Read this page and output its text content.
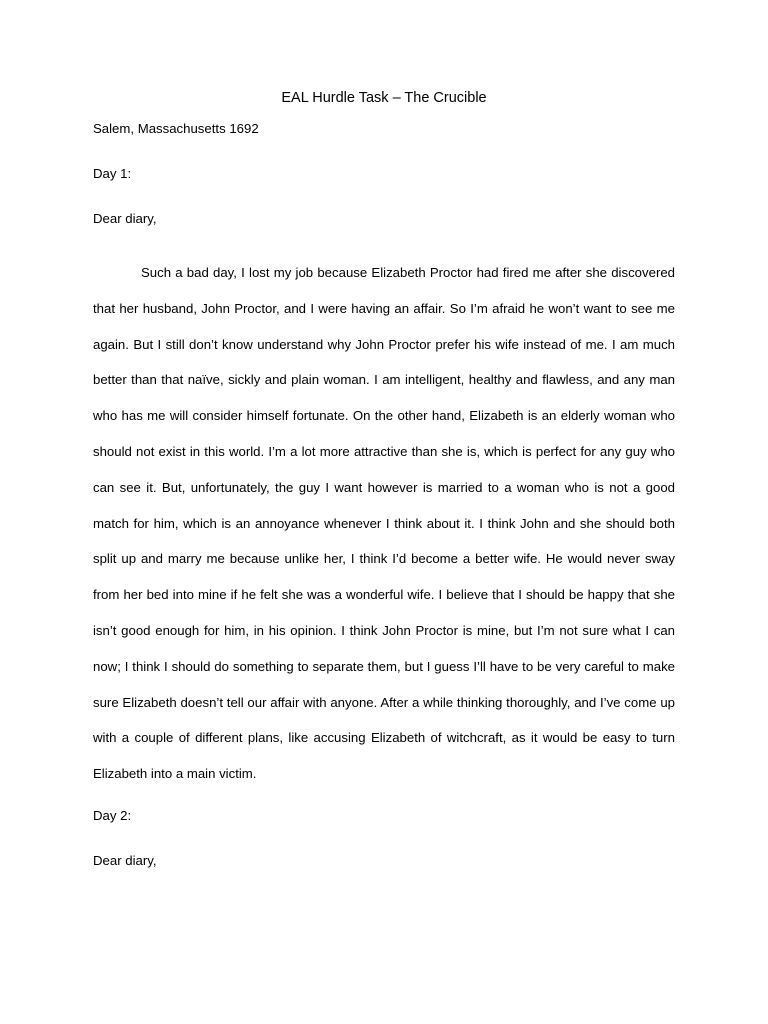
EAL Hurdle Task – The Crucible

Salem, Massachusetts 1692

Day 1:

Dear diary,

Such a bad day, I lost my job because Elizabeth Proctor had fired me after she discovered that her husband, John Proctor, and I were having an affair. So I’m afraid he won’t want to see me again. But I still don’t know understand why John Proctor prefer his wife instead of me. I am much better than that naïve, sickly and plain woman. I am intelligent, healthy and flawless, and any man who has me will consider himself fortunate. On the other hand, Elizabeth is an elderly woman who should not exist in this world. I’m a lot more attractive than she is, which is perfect for any guy who can see it. But, unfortunately, the guy I want however is married to a woman who is not a good match for him, which is an annoyance whenever I think about it. I think John and she should both split up and marry me because unlike her, I think I’d become a better wife. He would never sway from her bed into mine if he felt she was a wonderful wife. I believe that I should be happy that she isn’t good enough for him, in his opinion. I think John Proctor is mine, but I’m not sure what I can now; I think I should do something to separate them, but I guess I’ll have to be very careful to make sure Elizabeth doesn’t tell our affair with anyone. After a while thinking thoroughly, and I’ve come up with a couple of different plans, like accusing Elizabeth of witchcraft, as it would be easy to turn Elizabeth into a main victim.

Day 2:

Dear diary,
